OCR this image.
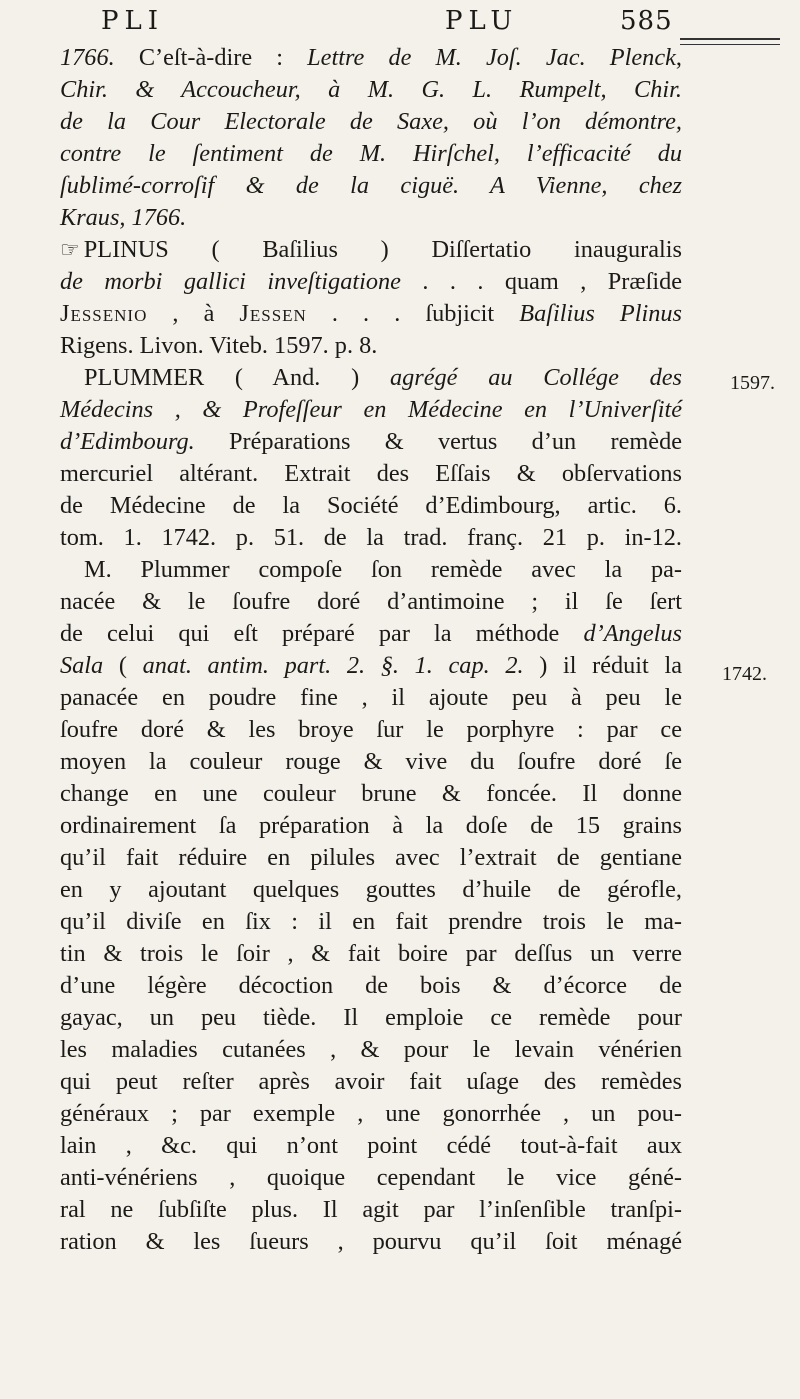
PLI	PLU	585
1597.
1742.
1766. C’eſt-à-dire : Lettre de M. Joſ. Jac. Plenck,
Chir. & Accoucheur, à M. G. L. Rumpelt, Chir.
de la Cour Electorale de Saxe, où l’on démontre,
contre le ſentiment de M. Hirſchel, l’efficacité du
ſublimé-corroſif & de la ciguë. A Vienne, chez
Kraus, 1766.
☞ PLINUS ( Baſilius ) Diſſertatio inauguralis
de morbi gallici inveſtigatione . . . quam , Præſide
Jessenio , à Jessen . . . ſubjicit Baſilius Plinus
Rigens. Livon. Viteb. 1597. p. 8.
PLUMMER ( And. ) agrégé au Collége des
Médecins , & Profeſſeur en Médecine en l’Univerſité
d’Edimbourg. Préparations & vertus d’un remède
mercuriel altérant. Extrait des Eſſais & obſervations
de Médecine de la Société d’Edimbourg, artic. 6.
tom. 1. 1742. p. 51. de la trad. franç. 21 p. in-12.
M. Plummer compoſe ſon remède avec la pa-
nacée & le ſoufre doré d’antimoine ; il ſe ſert
de celui qui eſt préparé par la méthode d’Angelus
Sala ( anat. antim. part. 2. §. 1. cap. 2. ) il réduit la
panacée en poudre fine , il ajoute peu à peu le
ſoufre doré & les broye ſur le porphyre : par ce
moyen la couleur rouge & vive du ſoufre doré ſe
change en une couleur brune & foncée. Il donne
ordinairement ſa préparation à la doſe de 15 grains
qu’il fait réduire en pilules avec l’extrait de gentiane
en y ajoutant quelques gouttes d’huile de gérofle,
qu’il diviſe en ſix : il en fait prendre trois le ma-
tin & trois le ſoir , & fait boire par deſſus un verre
d’une légère décoction de bois & d’écorce de
gayac, un peu tiède. Il emploie ce remède pour
les maladies cutanées , & pour le levain vénérien
qui peut reſter après avoir fait uſage des remèdes
généraux ; par exemple , une gonorrhée , un pou-
lain , &c. qui n’ont point cédé tout-à-fait aux
anti-vénériens , quoique cependant le vice géné-
ral ne ſubſiſte plus. Il agit par l’inſenſible tranſpi-
ration & les ſueurs , pourvu qu’il ſoit ménagé
